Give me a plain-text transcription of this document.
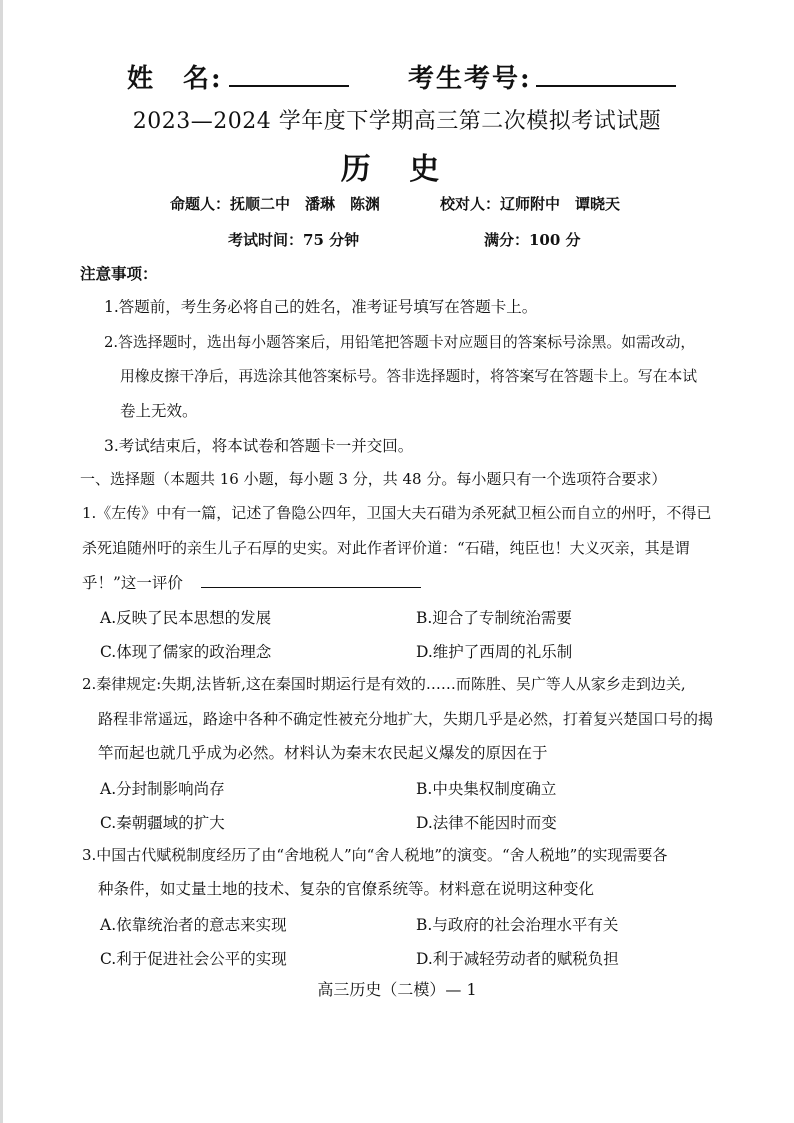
姓　名:	考生考号:
2023—2024 学年度下学期高三第二次模拟考试试题
历 史
命题人：抚顺二中　潘琳　陈渊	校对人：辽师附中　谭晓天
考试时间：75 分钟	满分：100 分
注意事项：
1.答题前，考生务必将自己的姓名，准考证号填写在答题卡上。
2.答选择题时，选出每小题答案后，用铅笔把答题卡对应题目的答案标号涂黑。如需改动，
用橡皮擦干净后，再选涂其他答案标号。答非选择题时，将答案写在答题卡上。写在本试
卷上无效。
3.考试结束后，将本试卷和答题卡一并交回。
一、选择题（本题共 16 小题，每小题 3 分，共 48 分。每小题只有一个选项符合要求）
1.《左传》中有一篇，记述了鲁隐公四年，卫国大夫石碏为杀死弑卫桓公而自立的州吁，不得已
杀死追随州吁的亲生儿子石厚的史实。对此作者评价道：“石碏，纯臣也！大义灭亲，其是谓
乎！”这一评价
A.反映了民本思想的发展	B.迎合了专制统治需要
C.体现了儒家的政治理念	D.维护了西周的礼乐制
2.秦律规定:失期,法皆斩,这在秦国时期运行是有效的……而陈胜、吴广等人从家乡走到边关,
路程非常遥远，路途中各种不确定性被充分地扩大，失期几乎是必然，打着复兴楚国口号的揭
竿而起也就几乎成为必然。材料认为秦末农民起义爆发的原因在于
A.分封制影响尚存	B.中央集权制度确立
C.秦朝疆域的扩大	D.法律不能因时而变
3.中国古代赋税制度经历了由“舍地税人”向“舍人税地”的演变。“舍人税地”的实现需要各
种条件，如丈量土地的技术、复杂的官僚系统等。材料意在说明这种变化
A.依靠统治者的意志来实现	B.与政府的社会治理水平有关
C.利于促进社会公平的实现	D.利于减轻劳动者的赋税负担
高三历史（二模）— 1
